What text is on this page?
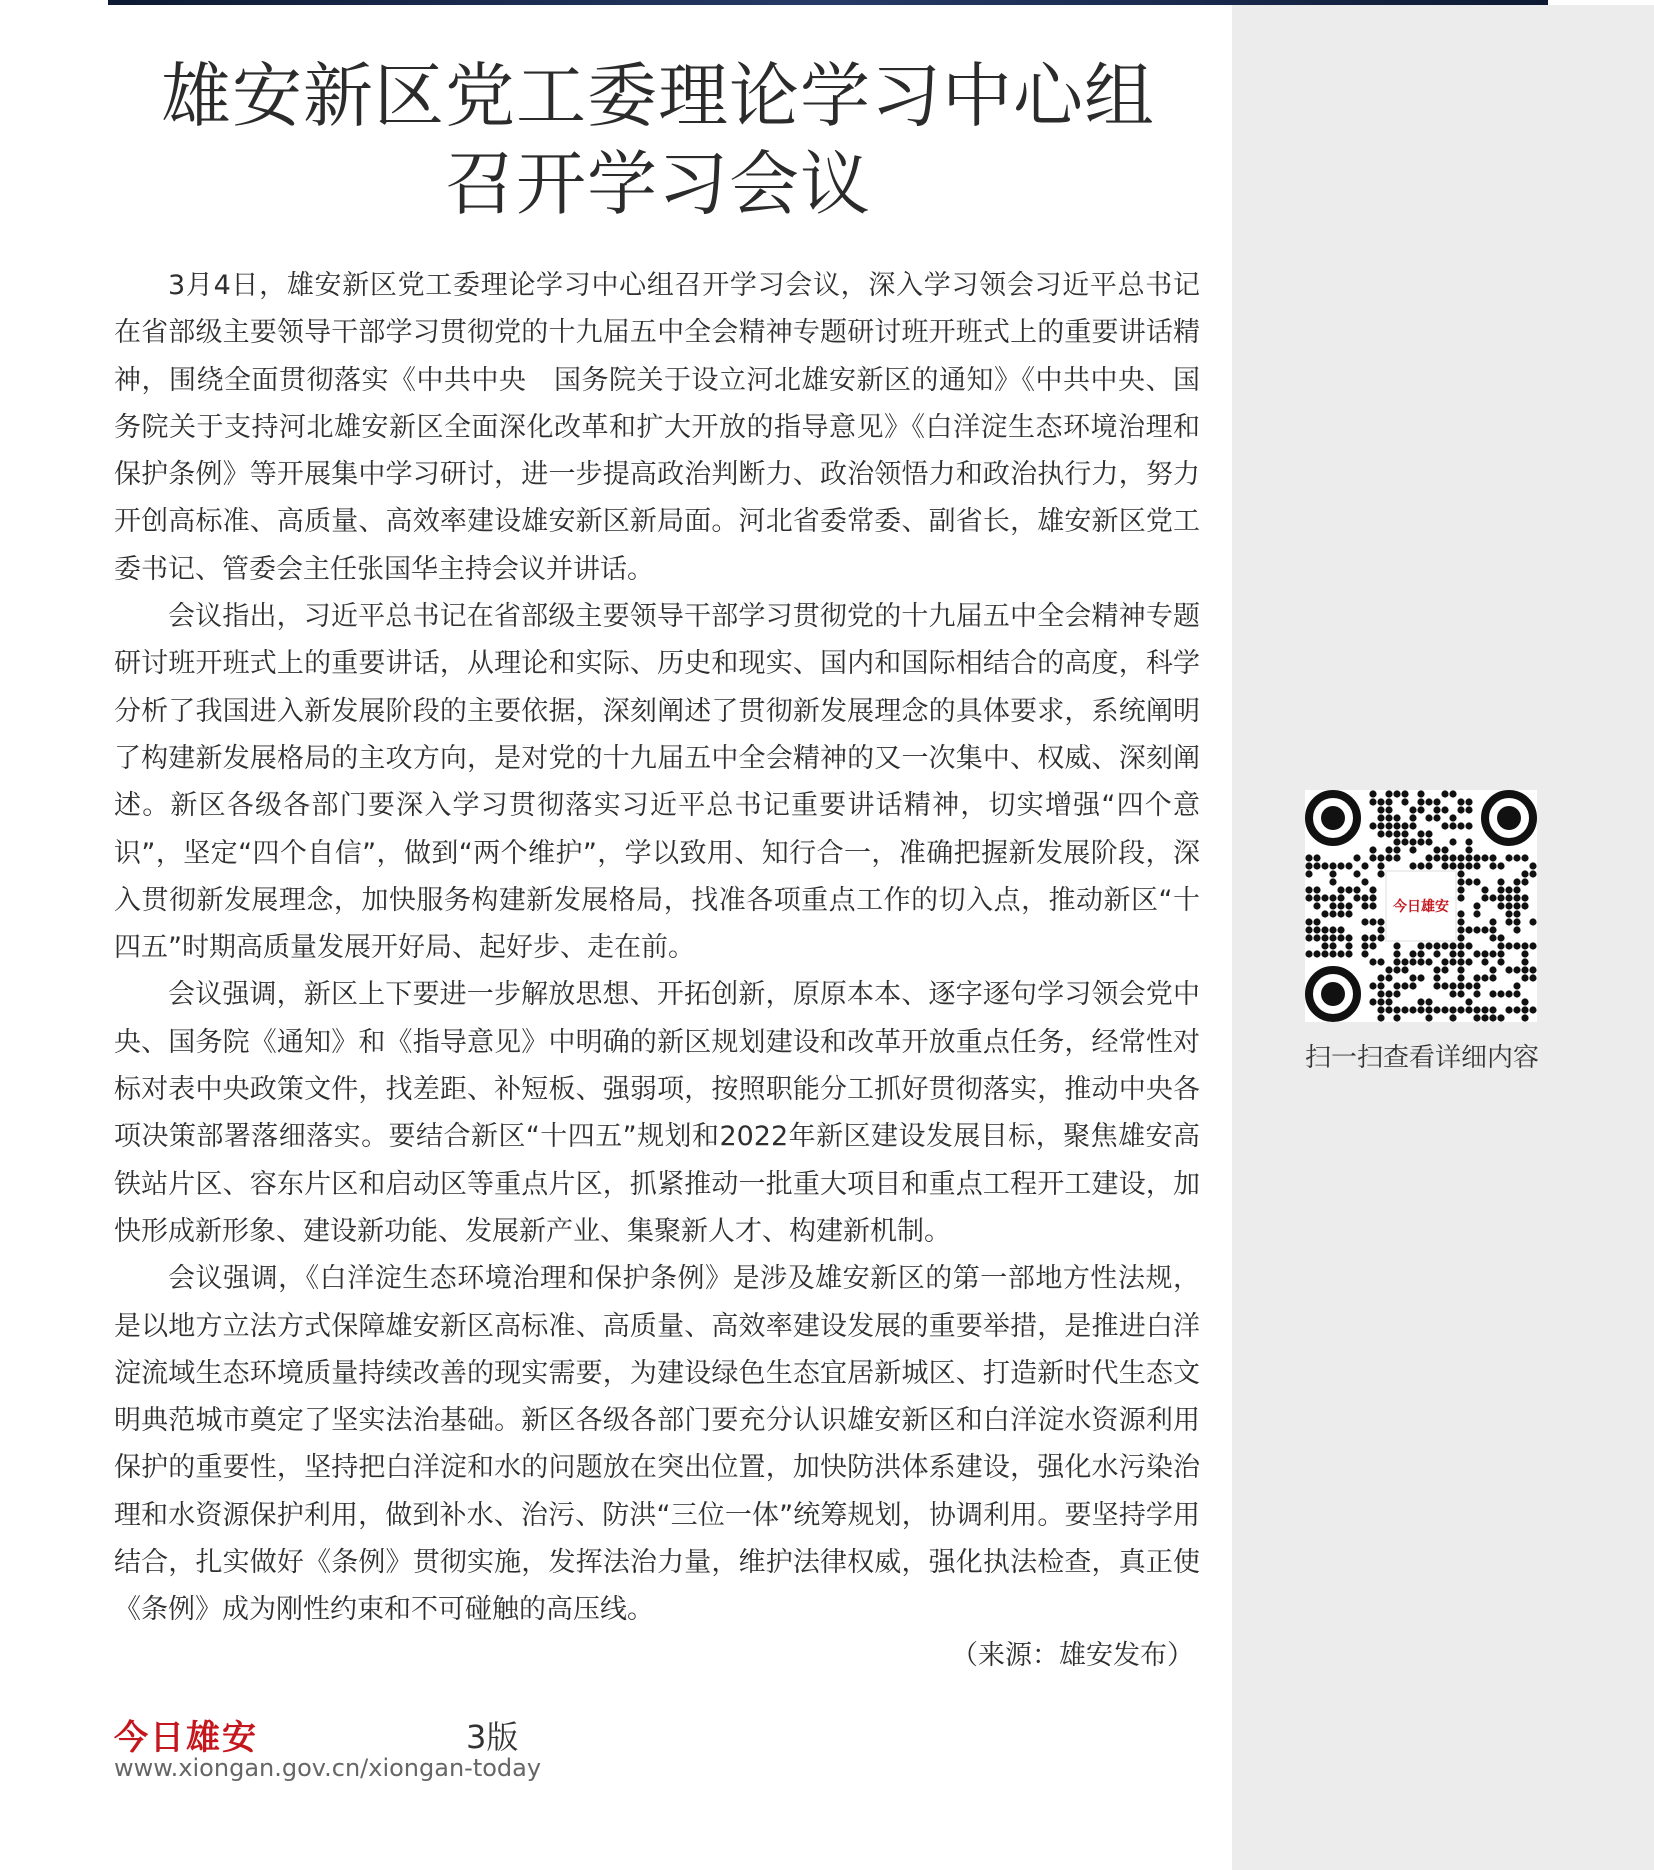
雄安新区党工委理论学习中心组
召开学习会议

3月4日，雄安新区党工委理论学习中心组召开学习会议，深入学习领会习近平总书记在省部级主要领导干部学习贯彻党的十九届五中全会精神专题研讨班开班式上的重要讲话精神，围绕全面贯彻落实《中共中央　国务院关于设立河北雄安新区的通知》《中共中央、国务院关于支持河北雄安新区全面深化改革和扩大开放的指导意见》《白洋淀生态环境治理和保护条例》等开展集中学习研讨，进一步提高政治判断力、政治领悟力和政治执行力，努力开创高标准、高质量、高效率建设雄安新区新局面。河北省委常委、副省长，雄安新区党工委书记、管委会主任张国华主持会议并讲话。

会议指出，习近平总书记在省部级主要领导干部学习贯彻党的十九届五中全会精神专题研讨班开班式上的重要讲话，从理论和实际、历史和现实、国内和国际相结合的高度，科学分析了我国进入新发展阶段的主要依据，深刻阐述了贯彻新发展理念的具体要求，系统阐明了构建新发展格局的主攻方向，是对党的十九届五中全会精神的又一次集中、权威、深刻阐述。新区各级各部门要深入学习贯彻落实习近平总书记重要讲话精神，切实增强“四个意识”，坚定“四个自信”，做到“两个维护”，学以致用、知行合一，准确把握新发展阶段，深入贯彻新发展理念，加快服务构建新发展格局，找准各项重点工作的切入点，推动新区“十四五”时期高质量发展开好局、起好步、走在前。

会议强调，新区上下要进一步解放思想、开拓创新，原原本本、逐字逐句学习领会党中央、国务院《通知》和《指导意见》中明确的新区规划建设和改革开放重点任务，经常性对标对表中央政策文件，找差距、补短板、强弱项，按照职能分工抓好贯彻落实，推动中央各项决策部署落细落实。要结合新区“十四五”规划和2022年新区建设发展目标，聚焦雄安高铁站片区、容东片区和启动区等重点片区，抓紧推动一批重大项目和重点工程开工建设，加快形成新形象、建设新功能、发展新产业、集聚新人才、构建新机制。

会议强调，《白洋淀生态环境治理和保护条例》是涉及雄安新区的第一部地方性法规，是以地方立法方式保障雄安新区高标准、高质量、高效率建设发展的重要举措，是推进白洋淀流域生态环境质量持续改善的现实需要，为建设绿色生态宜居新城区、打造新时代生态文明典范城市奠定了坚实法治基础。新区各级各部门要充分认识雄安新区和白洋淀水资源利用保护的重要性，坚持把白洋淀和水的问题放在突出位置，加快防洪体系建设，强化水污染治理和水资源保护利用，做到补水、治污、防洪“三位一体”统筹规划，协调利用。要坚持学用结合，扎实做好《条例》贯彻实施，发挥法治力量，维护法律权威，强化执法检查，真正使《条例》成为刚性约束和不可碰触的高压线。

（来源：雄安发布）
今日雄安
扫一扫查看详细内容
今日雄安	3版
www.xiongan.gov.cn/xiongan-today
